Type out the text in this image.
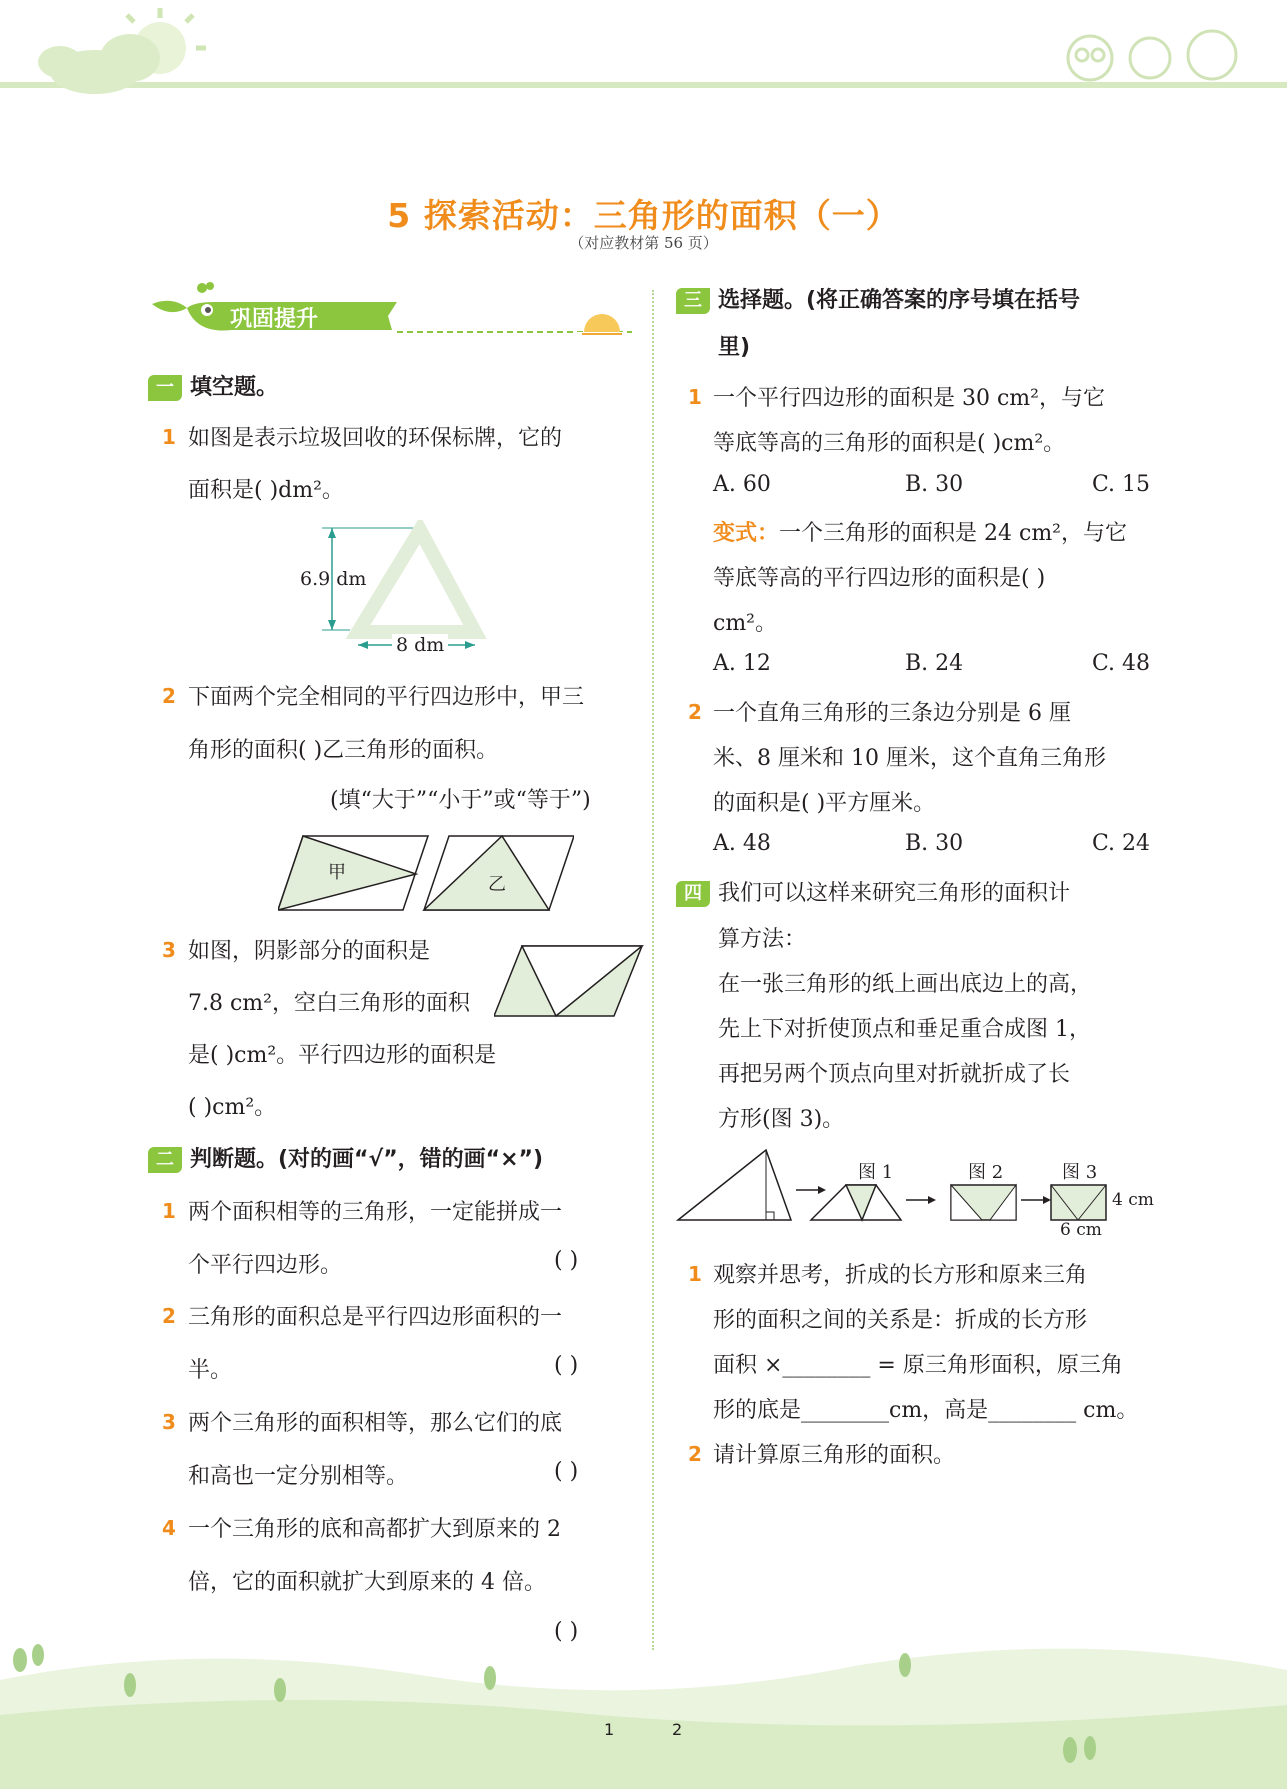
5 探索活动：三角形的面积（一）
（对应教材第 56 页）
巩固提升
一 填空题。
1 如图是表示垃圾回收的环保标牌，它的
面积是( )dm²。
6.9 dm
8 dm
2 下面两个完全相同的平行四边形中，甲三
角形的面积( )乙三角形的面积。
(填“大于”“小于”或“等于”)
甲
乙
3 如图，阴影部分的面积是
7.8 cm²，空白三角形的面积
是( )cm²。平行四边形的面积是
( )cm²。
二 判断题。(对的画“√”，错的画“×”)
1 两个面积相等的三角形，一定能拼成一
个平行四边形。	( )
2 三角形的面积总是平行四边形面积的一
半。	( )
3 两个三角形的面积相等，那么它们的底
和高也一定分别相等。	( )
4 一个三角形的底和高都扩大到原来的 2
倍，它的面积就扩大到原来的 4 倍。
( )
三 选择题。(将正确答案的序号填在括号
里)
1 一个平行四边形的面积是 30 cm²，与它
等底等高的三角形的面积是( )cm²。
A. 60	B. 30	C. 15
变式：一个三角形的面积是 24 cm²，与它
等底等高的平行四边形的面积是( )
cm²。
A. 12	B. 24	C. 48
2 一个直角三角形的三条边分别是 6 厘
米、8 厘米和 10 厘米，这个直角三角形
的面积是( )平方厘米。
A. 48	B. 30	C. 24
四 我们可以这样来研究三角形的面积计
算方法：
在一张三角形的纸上画出底边上的高，
先上下对折使顶点和垂足重合成图 1，
再把另两个顶点向里对折就折成了长
方形(图 3)。
图 1	图 2	图 3
4 cm
6 cm
1 观察并思考，折成的长方形和原来三角
形的面积之间的关系是：折成的长方形
面积 ×________ = 原三角形面积，原三角
形的底是________cm，高是________ cm。
2 请计算原三角形的面积。
1	2
